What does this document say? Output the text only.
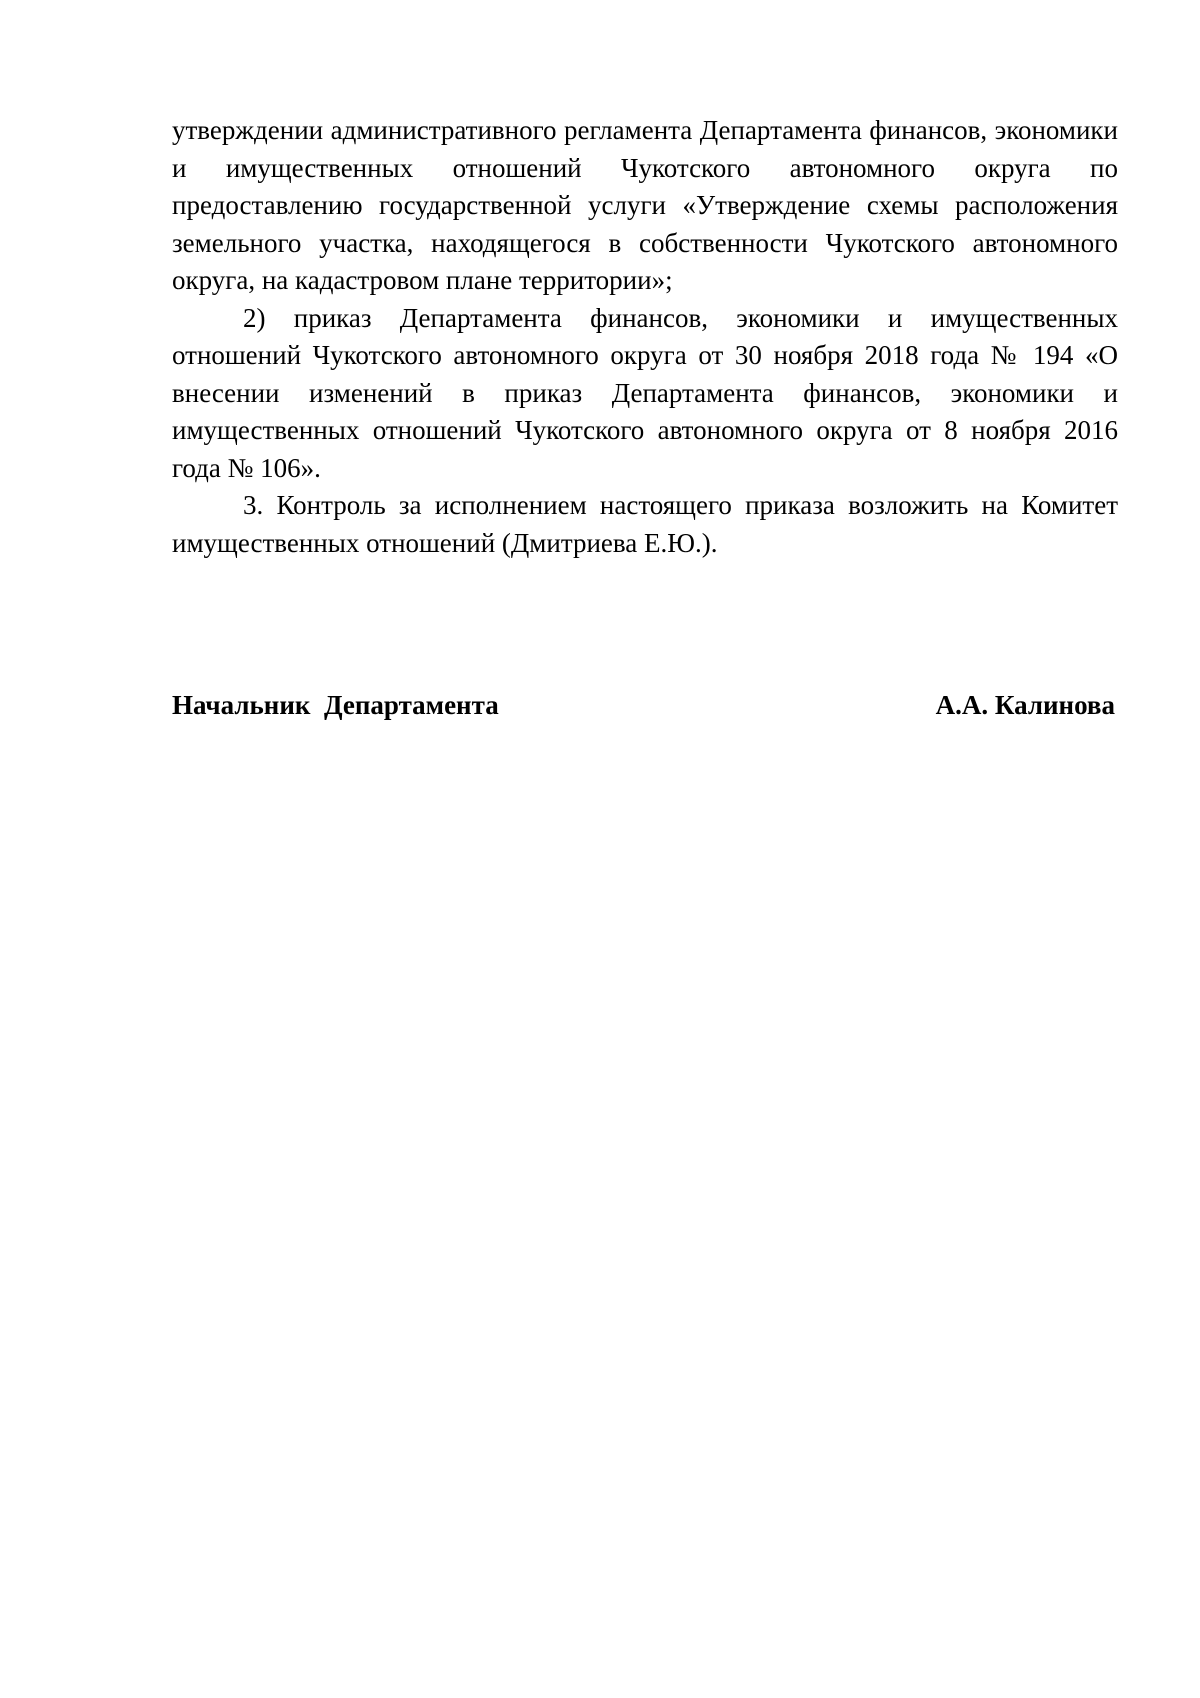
утверждении административного регламента Департамента финансов, экономики и имущественных отношений Чукотского автономного округа по предоставлению государственной услуги «Утверждение схемы расположения земельного участка, находящегося в собственности Чукотского автономного округа, на кадастровом плане территории»;

2) приказ Департамента финансов, экономики и имущественных отношений Чукотского автономного округа от 30 ноября 2018 года № 194 «О внесении изменений в приказ Департамента финансов, экономики и имущественных отношений Чукотского автономного округа от 8 ноября 2016 года № 106».

3. Контроль за исполнением настоящего приказа возложить на Комитет имущественных отношений (Дмитриева Е.Ю.).

Начальник  Департамента	А.А. Калинова
